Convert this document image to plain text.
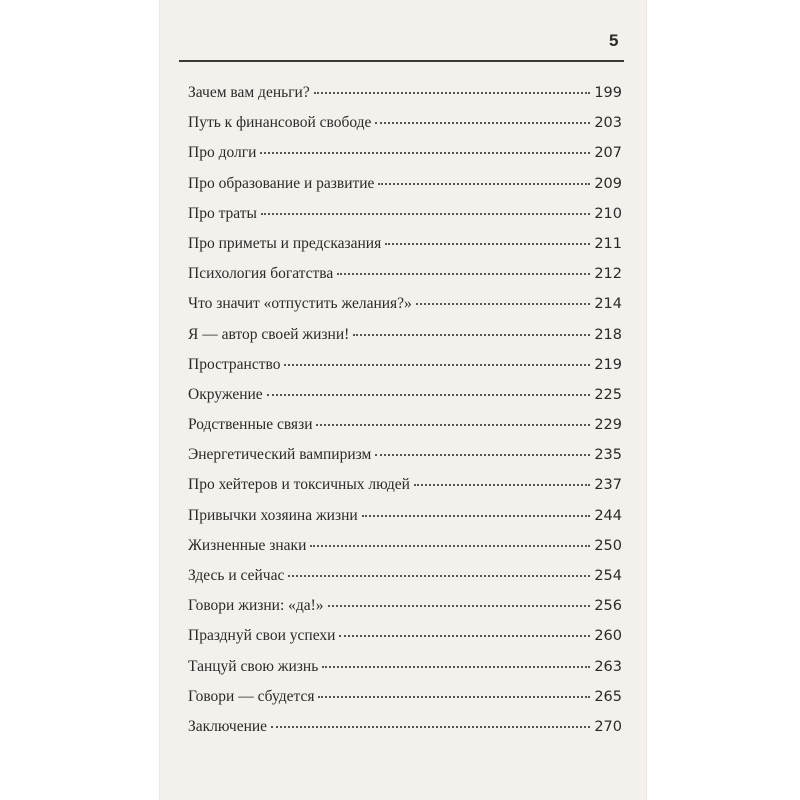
5
Зачем вам деньги?	199
Путь к финансовой свободе	203
Про долги	207
Про образование и развитие	209
Про траты	210
Про приметы и предсказания	211
Психология богатства	212
Что значит «отпустить желания?»	214
Я — автор своей жизни!	218
Пространство	219
Окружение	225
Родственные связи	229
Энергетический вампиризм	235
Про хейтеров и токсичных людей	237
Привычки хозяина жизни	244
Жизненные знаки	250
Здесь и сейчас	254
Говори жизни: «да!»	256
Празднуй свои успехи	260
Танцуй свою жизнь	263
Говори — сбудется	265
Заключение	270
